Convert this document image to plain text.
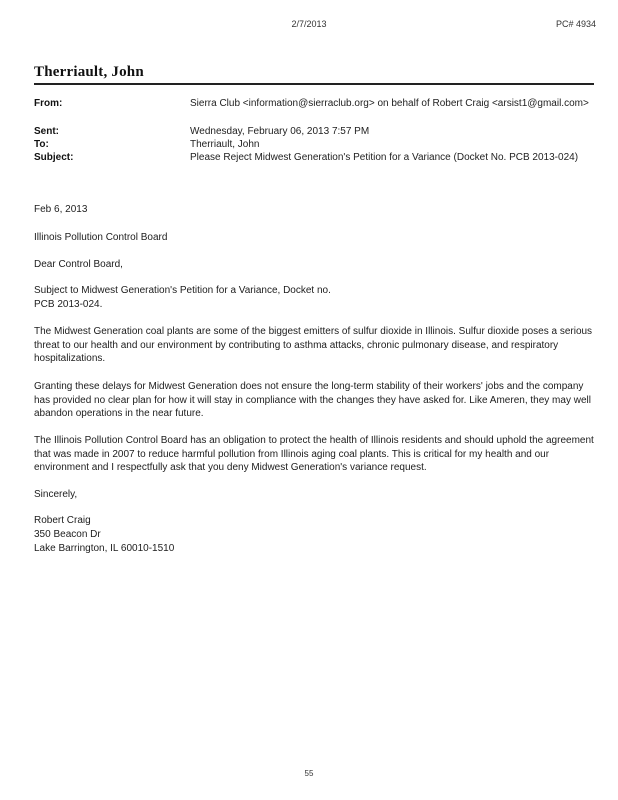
2/7/2013	PC# 4934
Therriault, John
From:	Sierra Club <information@sierraclub.org> on behalf of Robert Craig <arsist1@gmail.com>
Sent:	Wednesday, February 06, 2013 7:57 PM
To:	Therriault, John
Subject:	Please Reject Midwest Generation's Petition for a Variance (Docket No. PCB 2013-024)
Feb 6, 2013
Illinois Pollution Control Board
Dear Control Board,
Subject to Midwest Generation's Petition for a Variance, Docket no. PCB 2013-024.
The Midwest Generation coal plants are some of the biggest emitters of sulfur dioxide in Illinois. Sulfur dioxide poses a serious threat to our health and our environment by contributing to asthma attacks, chronic pulmonary disease, and respiratory hospitalizations.
Granting these delays for Midwest Generation does not ensure the long-term stability of their workers' jobs and the company has provided no clear plan for how it will stay in compliance with the changes they have asked for. Like Ameren, they may well abandon operations in the near future.
The Illinois Pollution Control Board has an obligation to protect the health of Illinois residents and should uphold the agreement that was made in 2007 to reduce harmful pollution from Illinois aging coal plants. This is critical for my health and our environment and I respectfully ask that you deny Midwest Generation's variance request.
Sincerely,
Robert Craig
350 Beacon Dr
Lake Barrington, IL 60010-1510
55
